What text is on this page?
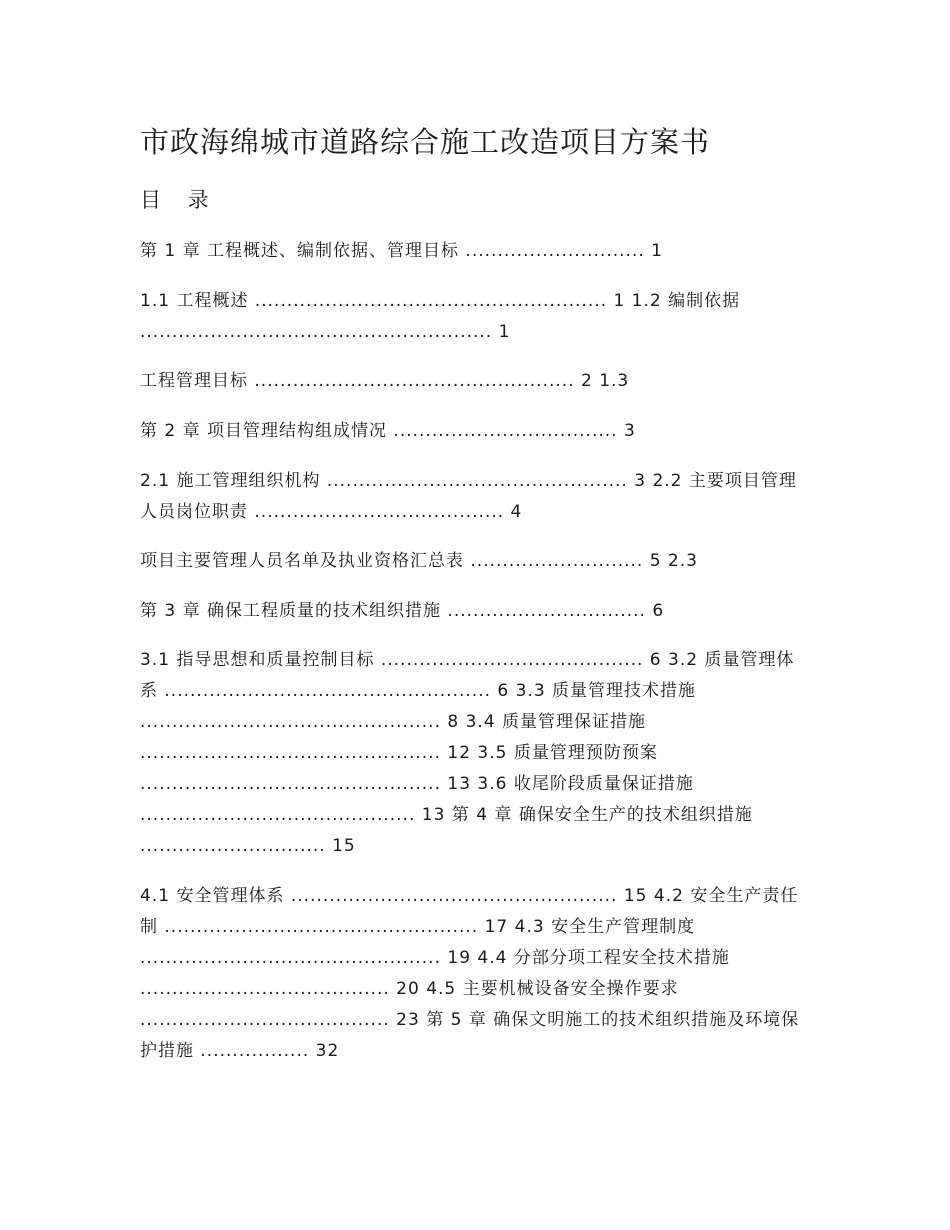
市政海绵城市道路综合施工改造项目方案书
目 录
第 1 章 工程概述、编制依据、管理目标 ............................ 1
1.1 工程概述 ....................................................... 1 1.2 编制依据 ....................................................... 1
工程管理目标 .................................................. 2 1.3
第 2 章 项目管理结构组成情况 ................................... 3
2.1 施工管理组织机构 ............................................... 3 2.2 主要项目管理人员岗位职责 ....................................... 4
项目主要管理人员名单及执业资格汇总表 ........................... 5 2.3
第 3 章 确保工程质量的技术组织措施 ............................... 6
3.1 指导思想和质量控制目标 ......................................... 6 3.2 质量管理体系 ................................................... 6 3.3 质量管理技术措施 ............................................... 8 3.4 质量管理保证措施 ............................................... 12 3.5 质量管理预防预案 ............................................... 13 3.6 收尾阶段质量保证措施 ........................................... 13 第 4 章 确保安全生产的技术组织措施 ............................. 15
4.1 安全管理体系 ................................................... 15 4.2 安全生产责任制 ................................................. 17 4.3 安全生产管理制度 ............................................... 19 4.4 分部分项工程安全技术措施 ....................................... 20 4.5 主要机械设备安全操作要求 ....................................... 23 第 5 章 确保文明施工的技术组织措施及环境保护措施 ................. 32
